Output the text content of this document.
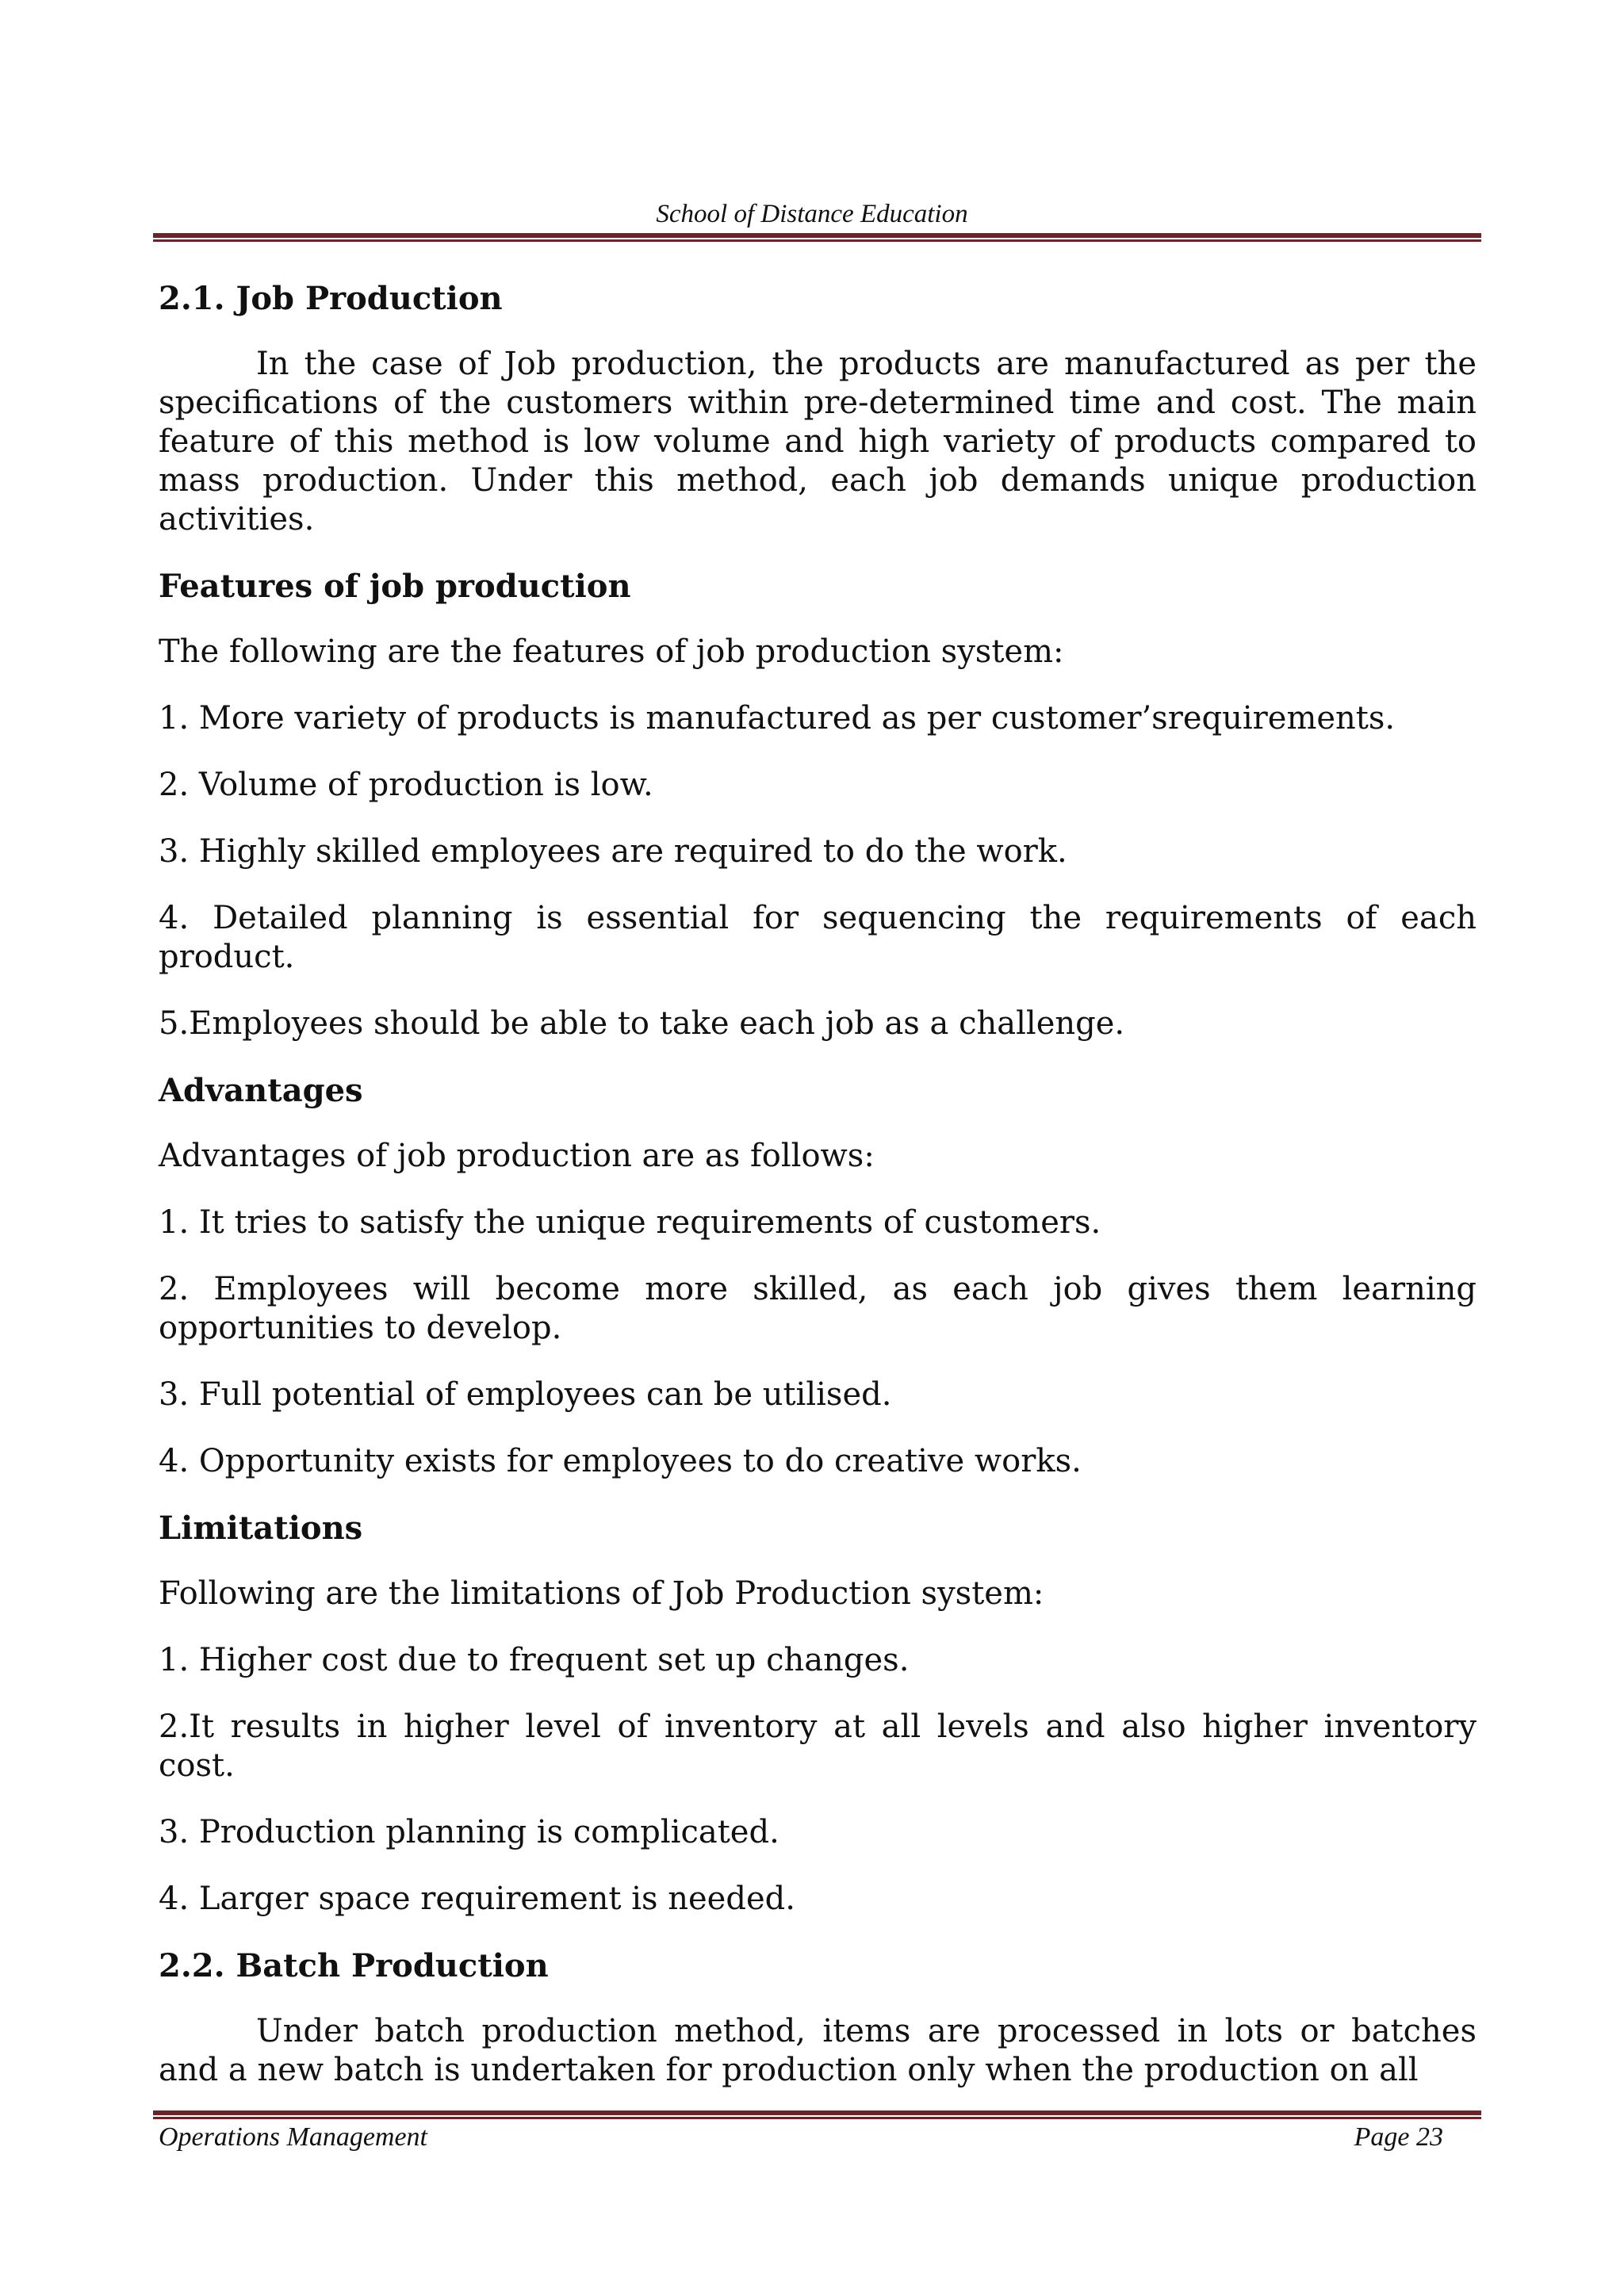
School of Distance Education
2.1. Job Production
In the case of Job production, the products are manufactured as per the specifications of the customers within pre-determined time and cost. The main feature of this method is low volume and high variety of products compared to mass production. Under this method, each job demands unique production activities.
Features of job production
The following are the features of job production system:
1. More variety of products is manufactured as per customer’srequirements.
2. Volume of production is low.
3. Highly skilled employees are required to do the work.
4. Detailed planning is essential for sequencing the requirements of each product.
5.Employees should be able to take each job as a challenge.
Advantages
Advantages of job production are as follows:
1. It tries to satisfy the unique requirements of customers.
2. Employees will become more skilled, as each job gives them learning opportunities to develop.
3. Full potential of employees can be utilised.
4. Opportunity exists for employees to do creative works.
Limitations
Following are the limitations of Job Production system:
1. Higher cost due to frequent set up changes.
2.It results in higher level of inventory at all levels and also higher inventory cost.
3. Production planning is complicated.
4. Larger space requirement is needed.
2.2. Batch Production
Under batch production method, items are processed in lots or batches and a new batch is undertaken for production only when the production on all
Operations Management	Page 23
